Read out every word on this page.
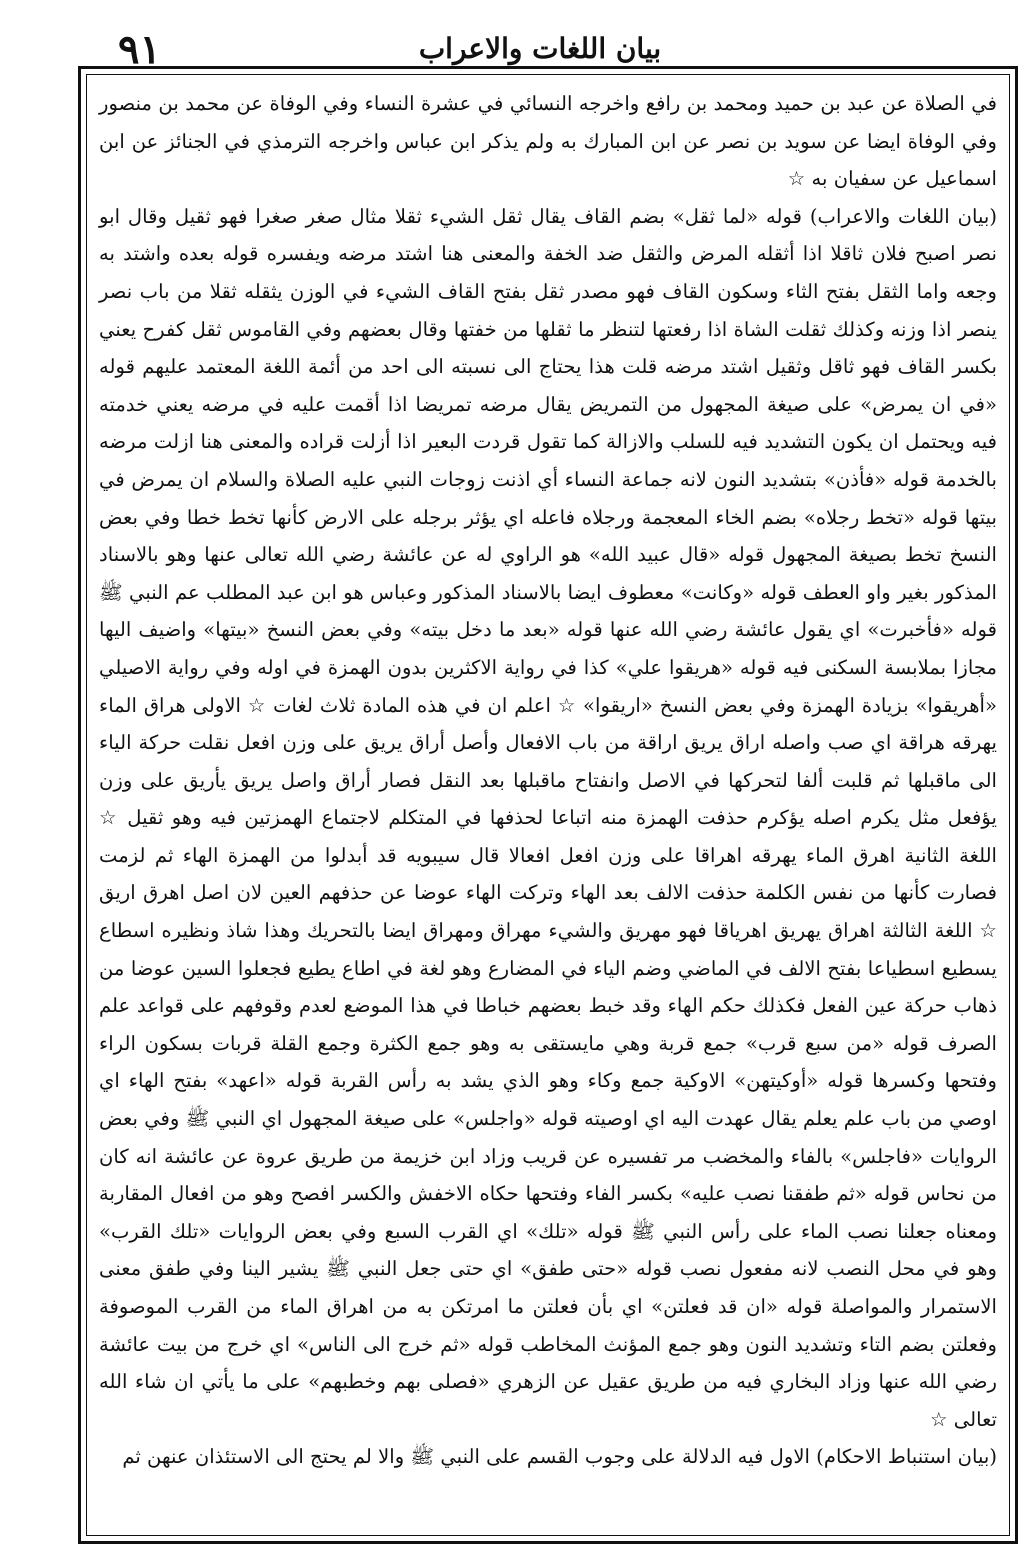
٩١	بيان اللغات والاعراب

في الصلاة عن عبد بن حميد ومحمد بن رافع واخرجه النسائي في عشرة النساء وفي الوفاة عن محمد بن منصور وفي الوفاة ايضا عن سويد بن نصر عن ابن المبارك به ولم يذكر ابن عباس واخرجه الترمذي في الجنائز عن ابن اسماعيل عن سفيان به ☆

(بيان اللغات والاعراب) قوله «لما ثقل» بضم القاف يقال ثقل الشيء ثقلا مثال صغر صغرا فهو ثقيل وقال ابو نصر اصبح فلان ثاقلا اذا أثقله المرض والثقل ضد الخفة والمعنى هنا اشتد مرضه ويفسره قوله بعده واشتد به وجعه واما الثقل بفتح الثاء وسكون القاف فهو مصدر ثقل بفتح القاف الشيء في الوزن يثقله ثقلا من باب نصر ينصر اذا وزنه وكذلك ثقلت الشاة اذا رفعتها لتنظر ما ثقلها من خفتها وقال بعضهم وفي القاموس ثقل كفرح يعني بكسر القاف فهو ثاقل وثقيل اشتد مرضه قلت هذا يحتاج الى نسبته الى احد من أئمة اللغة المعتمد عليهم قوله «في ان يمرض» على صيغة المجهول من التمريض يقال مرضه تمريضا اذا أقمت عليه في مرضه يعني خدمته فيه ويحتمل ان يكون التشديد فيه للسلب والازالة كما تقول قردت البعير اذا أزلت قراده والمعنى هنا ازلت مرضه بالخدمة قوله «فأذن» بتشديد النون لانه جماعة النساء أي اذنت زوجات النبي عليه الصلاة والسلام ان يمرض في بيتها قوله «تخط رجلاه» بضم الخاء المعجمة ورجلاه فاعله اي يؤثر برجله على الارض كأنها تخط خطا وفي بعض النسخ تخط بصيغة المجهول قوله «قال عبيد الله» هو الراوي له عن عائشة رضي الله تعالى عنها وهو بالاسناد المذكور بغير واو العطف قوله «وكانت» معطوف ايضا بالاسناد المذكور وعباس هو ابن عبد المطلب عم النبي ﷺ قوله «فأخبرت» اي يقول عائشة رضي الله عنها قوله «بعد ما دخل بيته» وفي بعض النسخ «بيتها» واضيف اليها مجازا بملابسة السكنى فيه قوله «هريقوا علي» كذا في رواية الاكثرين بدون الهمزة في اوله وفي رواية الاصيلي «أهريقوا» بزيادة الهمزة وفي بعض النسخ «اريقوا» ☆ اعلم ان في هذه المادة ثلاث لغات ☆ الاولى هراق الماء يهرقه هراقة اي صب واصله اراق يريق اراقة من باب الافعال وأصل أراق يريق على وزن افعل نقلت حركة الياء الى ماقبلها ثم قلبت ألفا لتحركها في الاصل وانفتاح ماقبلها بعد النقل فصار أراق واصل يريق يأريق على وزن يؤفعل مثل يكرم اصله يؤكرم حذفت الهمزة منه اتباعا لحذفها في المتكلم لاجتماع الهمزتين فيه وهو ثقيل ☆ اللغة الثانية اهرق الماء يهرقه اهراقا على وزن افعل افعالا قال سيبويه قد أبدلوا من الهمزة الهاء ثم لزمت فصارت كأنها من نفس الكلمة حذفت الالف بعد الهاء وتركت الهاء عوضا عن حذفهم العين لان اصل اهرق اريق ☆ اللغة الثالثة اهراق يهريق اهرياقا فهو مهريق والشيء مهراق ومهراق ايضا بالتحريك وهذا شاذ ونظيره اسطاع يسطيع اسطياعا بفتح الالف في الماضي وضم الياء في المضارع وهو لغة في اطاع يطيع فجعلوا السين عوضا من ذهاب حركة عين الفعل فكذلك حكم الهاء وقد خبط بعضهم خباطا في هذا الموضع لعدم وقوفهم على قواعد علم الصرف قوله «من سبع قرب» جمع قربة وهي مايستقى به وهو جمع الكثرة وجمع القلة قربات بسكون الراء وفتحها وكسرها قوله «أوكيتهن» الاوكية جمع وكاء وهو الذي يشد به رأس القربة قوله «اعهد» بفتح الهاء اي اوصي من باب علم يعلم يقال عهدت اليه اي اوصيته قوله «واجلس» على صيغة المجهول اي النبي ﷺ وفي بعض الروايات «فاجلس» بالفاء والمخضب مر تفسيره عن قريب وزاد ابن خزيمة من طريق عروة عن عائشة انه كان من نحاس قوله «ثم طفقنا نصب عليه» بكسر الفاء وفتحها حكاه الاخفش والكسر افصح وهو من افعال المقاربة ومعناه جعلنا نصب الماء على رأس النبي ﷺ قوله «تلك» اي القرب السبع وفي بعض الروايات «تلك القرب» وهو في محل النصب لانه مفعول نصب قوله «حتى طفق» اي حتى جعل النبي ﷺ يشير الينا وفي طفق معنى الاستمرار والمواصلة قوله «ان قد فعلتن» اي بأن فعلتن ما امرتكن به من اهراق الماء من القرب الموصوفة وفعلتن بضم التاء وتشديد النون وهو جمع المؤنث المخاطب قوله «ثم خرج الى الناس» اي خرج من بيت عائشة رضي الله عنها وزاد البخاري فيه من طريق عقيل عن الزهري «فصلى بهم وخطبهم» على ما يأتي ان شاء الله تعالى ☆

(بيان استنباط الاحكام) الاول فيه الدلالة على وجوب القسم على النبي ﷺ والا لم يحتج الى الاستئذان عنهن ثم
